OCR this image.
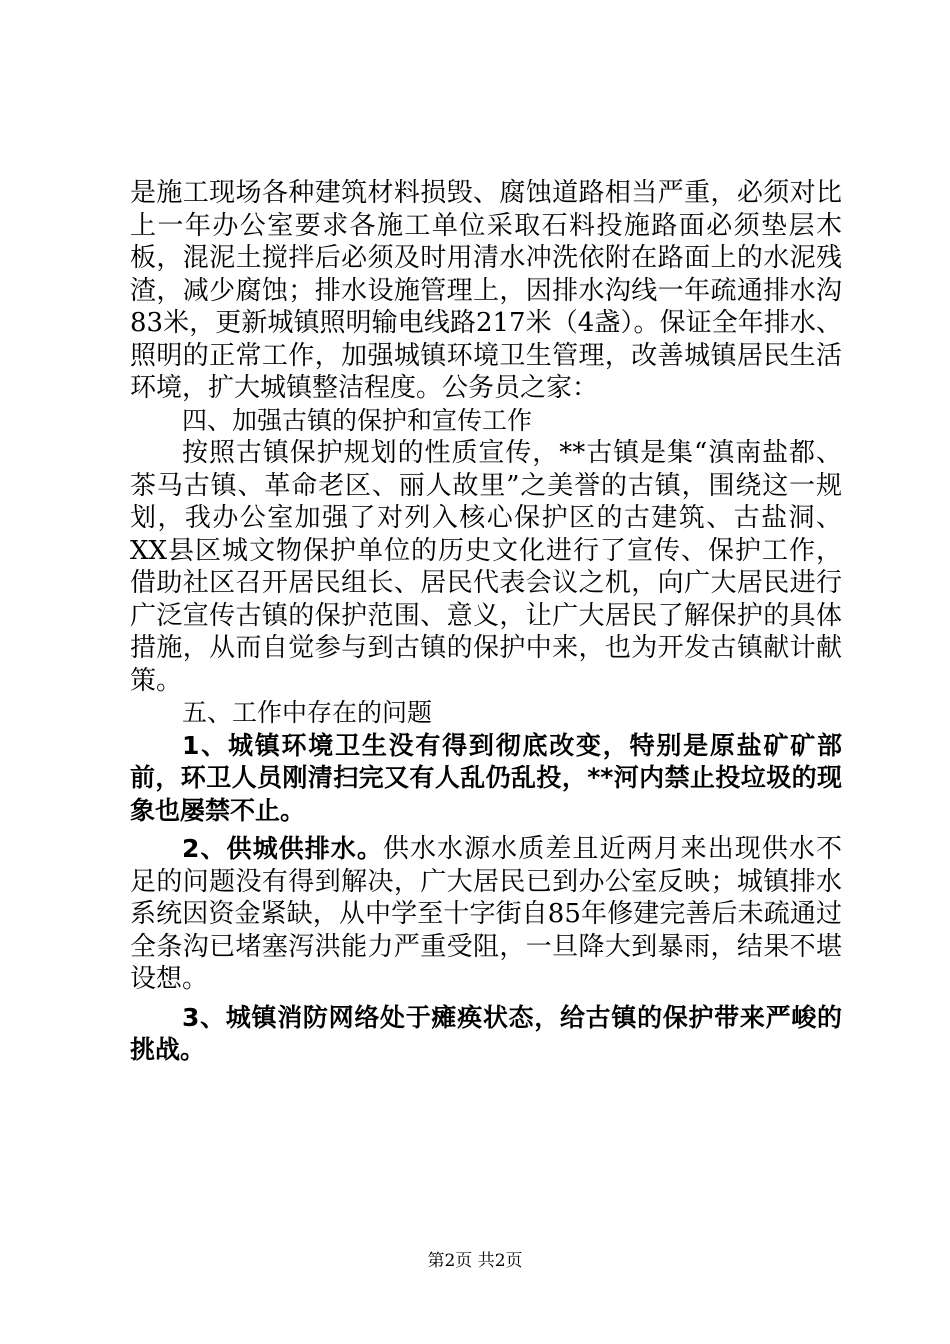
是施工现场各种建筑材料损毁、腐蚀道路相当严重，必须对比上一年办公室要求各施工单位采取石料投施路面必须垫层木板，混泥土搅拌后必须及时用清水冲洗依附在路面上的水泥残渣，减少腐蚀；排水设施管理上，因排水沟线一年疏通排水沟83米，更新城镇照明输电线路217米（4盏）。保证全年排水、照明的正常工作，加强城镇环境卫生管理，改善城镇居民生活环境，扩大城镇整洁程度。公务员之家：

四、加强古镇的保护和宣传工作

按照古镇保护规划的性质宣传，**古镇是集“滇南盐都、茶马古镇、革命老区、丽人故里”之美誉的古镇，围绕这一规划，我办公室加强了对列入核心保护区的古建筑、古盐洞、XX县区城文物保护单位的历史文化进行了宣传、保护工作，借助社区召开居民组长、居民代表会议之机，向广大居民进行广泛宣传古镇的保护范围、意义，让广大居民了解保护的具体措施，从而自觉参与到古镇的保护中来，也为开发古镇献计献策。

五、工作中存在的问题

1、城镇环境卫生没有得到彻底改变，特别是原盐矿矿部前，环卫人员刚清扫完又有人乱仍乱投，**河内禁止投垃圾的现象也屡禁不止。

2、供城供排水。供水水源水质差且近两月来出现供水不足的问题没有得到解决，广大居民已到办公室反映；城镇排水系统因资金紧缺，从中学至十字街自85年修建完善后未疏通过全条沟已堵塞泻洪能力严重受阻，一旦降大到暴雨，结果不堪设想。

3、城镇消防网络处于瘫痪状态，给古镇的保护带来严峻的挑战。

第2页 共2页
